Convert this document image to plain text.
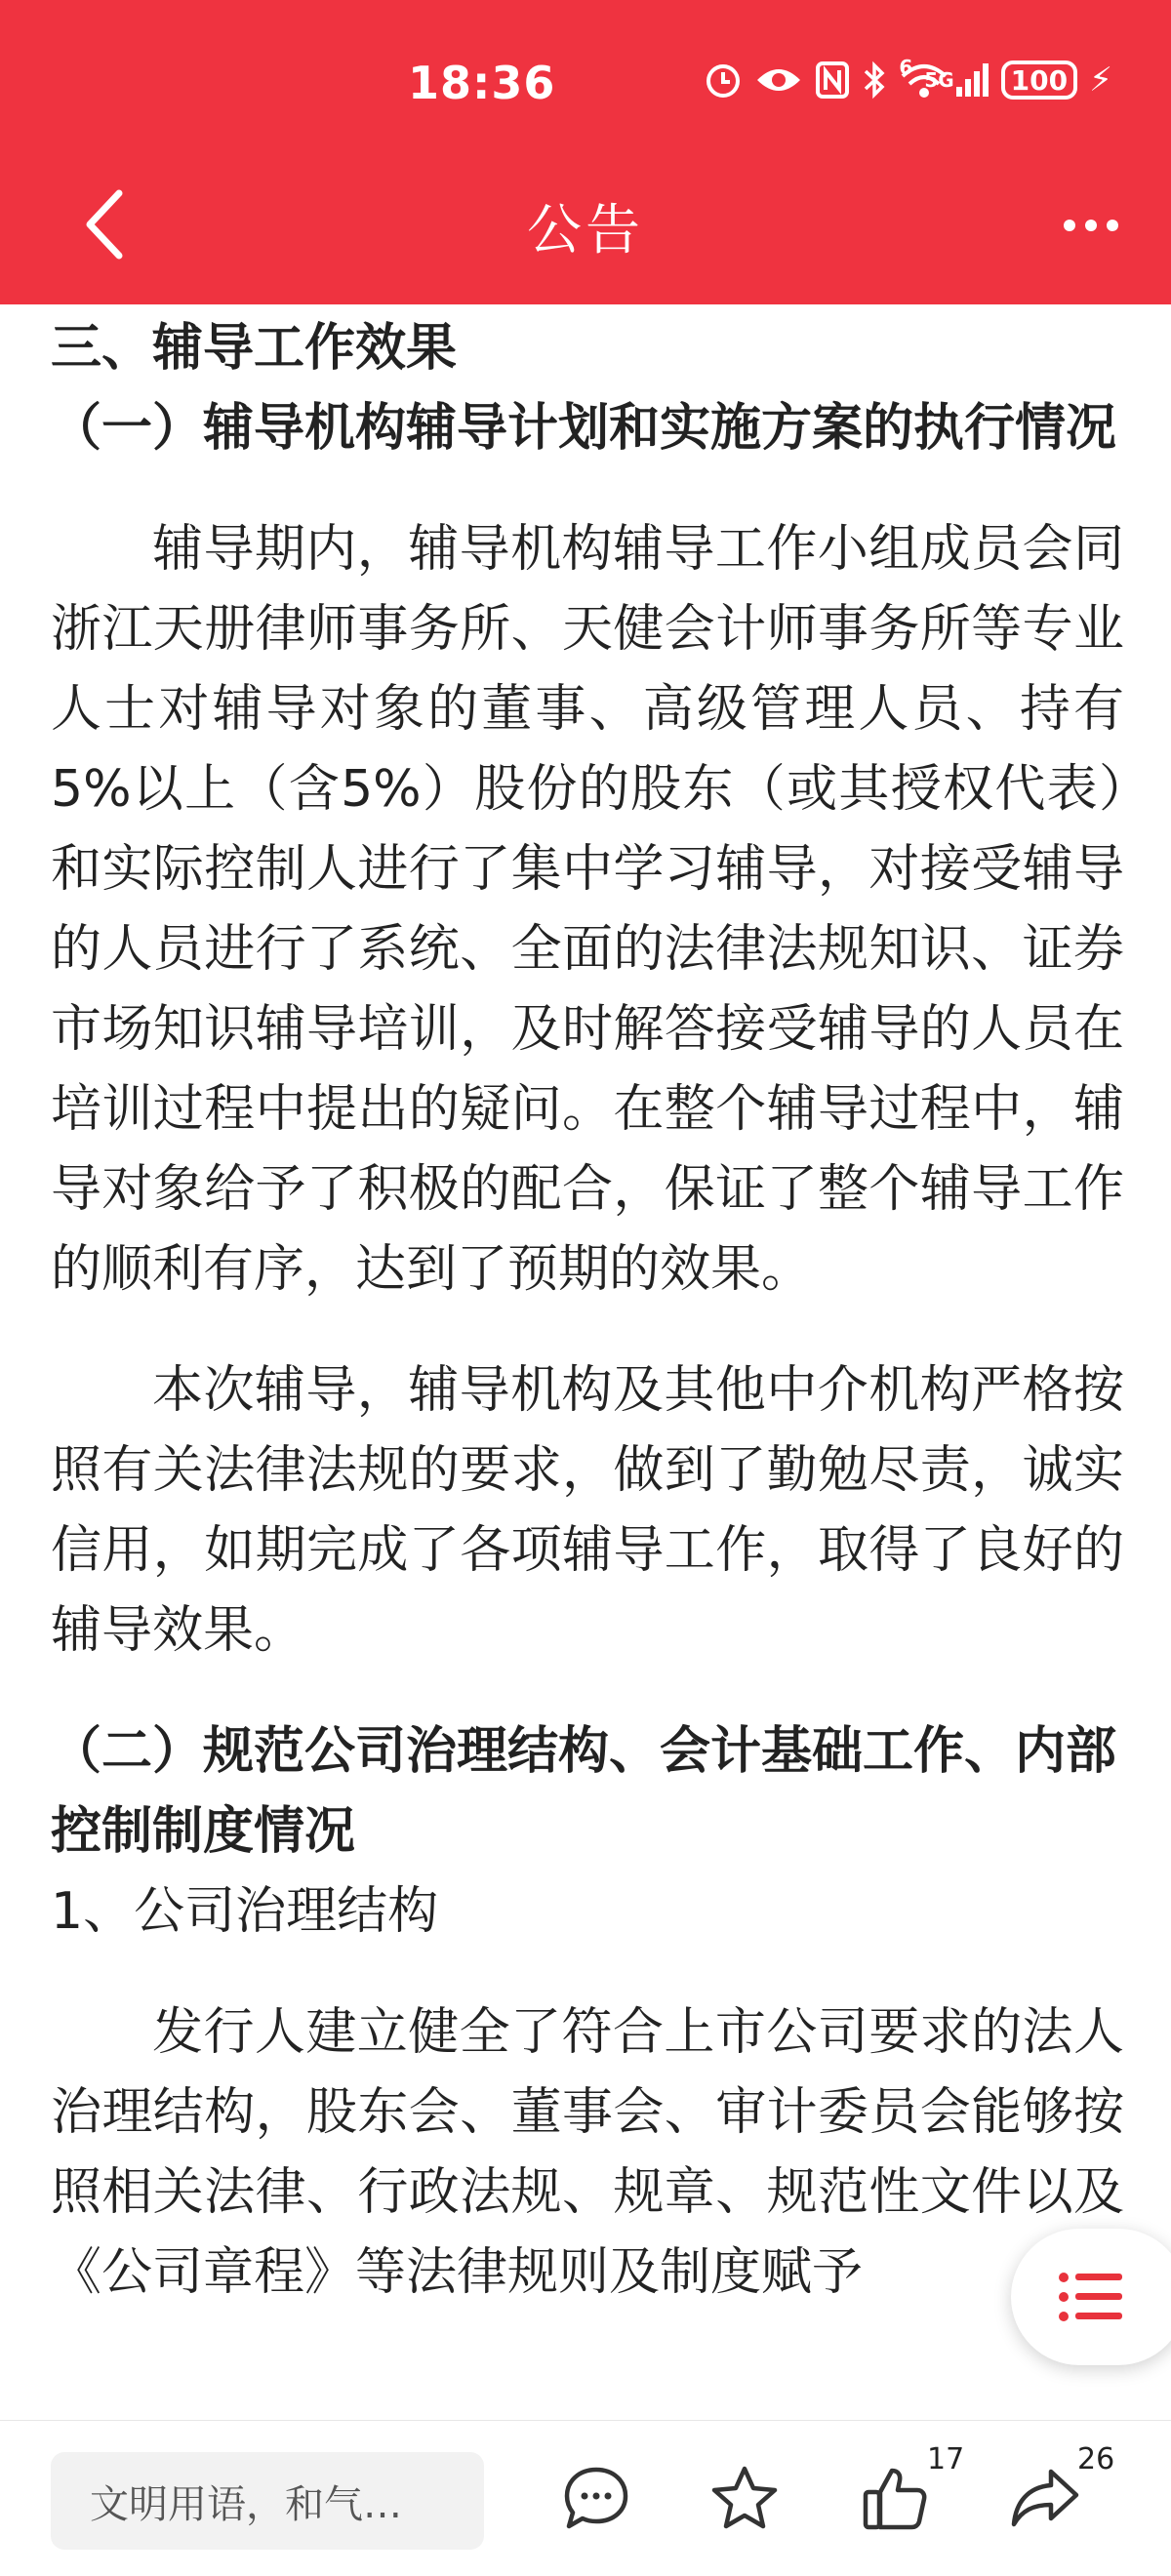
18:36	6
5G 100 ⚡
公告
三、辅导工作效果
（一）辅导机构辅导计划和实施方案的执行情况
辅导期内，辅导机构辅导工作小组成员会同浙江天册律师事务所、天健会计师事务所等专业人士对辅导对象的董事、高级管理人员、持有5%以上（含5%）股份的股东（或其授权代表）和实际控制人进行了集中学习辅导，对接受辅导的人员进行了系统、全面的法律法规知识、证券市场知识辅导培训，及时解答接受辅导的人员在培训过程中提出的疑问。在整个辅导过程中，辅导对象给予了积极的配合，保证了整个辅导工作的顺利有序，达到了预期的效果。
本次辅导，辅导机构及其他中介机构严格按照有关法律法规的要求，做到了勤勉尽责，诚实信用，如期完成了各项辅导工作，取得了良好的辅导效果。
（二）规范公司治理结构、会计基础工作、内部控制制度情况
1、公司治理结构
发行人建立健全了符合上市公司要求的法人治理结构，股东会、董事会、审计委员会能够按照相关法律、行政法规、规章、规范性文件以及《公司章程》等法律规则及制度赋予
文明用语，和气…
17	26
